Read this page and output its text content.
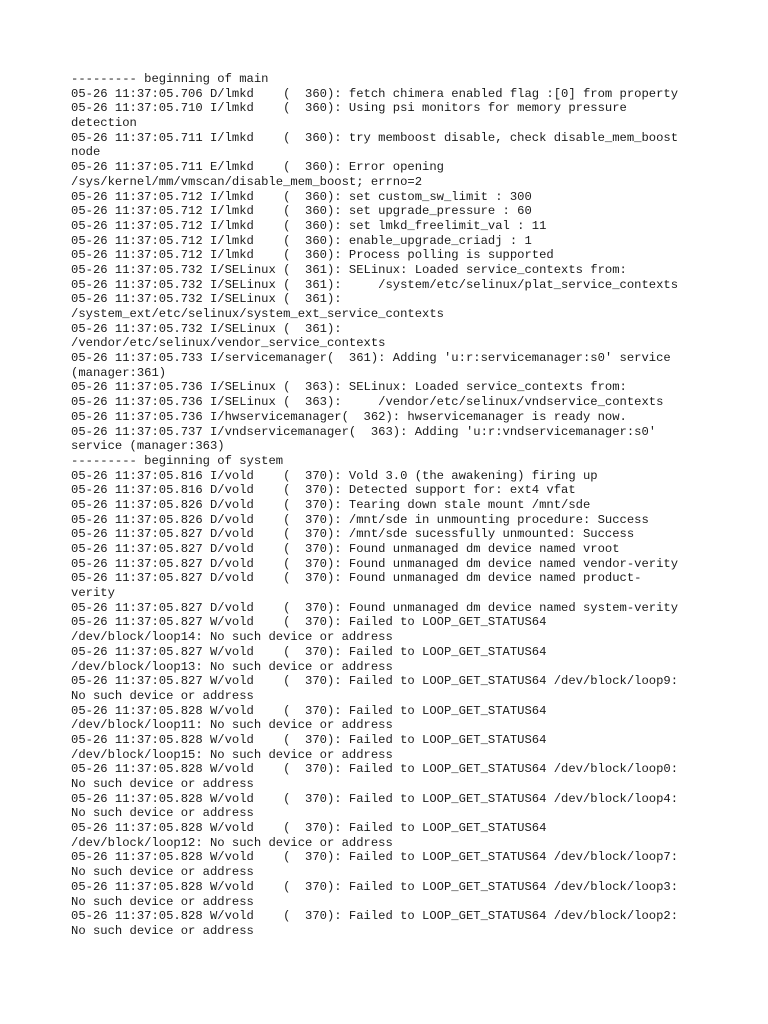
--------- beginning of main

05-26 11:37:05.706 D/lmkd    (  360): fetch chimera enabled flag :[0] from property

05-26 11:37:05.710 I/lmkd    (  360): Using psi monitors for memory pressure

detection

05-26 11:37:05.711 I/lmkd    (  360): try memboost disable, check disable_mem_boost

node

05-26 11:37:05.711 E/lmkd    (  360): Error opening

/sys/kernel/mm/vmscan/disable_mem_boost; errno=2

05-26 11:37:05.712 I/lmkd    (  360): set custom_sw_limit : 300

05-26 11:37:05.712 I/lmkd    (  360): set upgrade_pressure : 60

05-26 11:37:05.712 I/lmkd    (  360): set lmkd_freelimit_val : 11

05-26 11:37:05.712 I/lmkd    (  360): enable_upgrade_criadj : 1

05-26 11:37:05.712 I/lmkd    (  360): Process polling is supported

05-26 11:37:05.732 I/SELinux (  361): SELinux: Loaded service_contexts from:

05-26 11:37:05.732 I/SELinux (  361):     /system/etc/selinux/plat_service_contexts

05-26 11:37:05.732 I/SELinux (  361):

/system_ext/etc/selinux/system_ext_service_contexts

05-26 11:37:05.732 I/SELinux (  361):

/vendor/etc/selinux/vendor_service_contexts

05-26 11:37:05.733 I/servicemanager(  361): Adding 'u:r:servicemanager:s0' service

(manager:361)

05-26 11:37:05.736 I/SELinux (  363): SELinux: Loaded service_contexts from:

05-26 11:37:05.736 I/SELinux (  363):     /vendor/etc/selinux/vndservice_contexts

05-26 11:37:05.736 I/hwservicemanager(  362): hwservicemanager is ready now.

05-26 11:37:05.737 I/vndservicemanager(  363): Adding 'u:r:vndservicemanager:s0'

service (manager:363)

--------- beginning of system

05-26 11:37:05.816 I/vold    (  370): Vold 3.0 (the awakening) firing up

05-26 11:37:05.816 D/vold    (  370): Detected support for: ext4 vfat

05-26 11:37:05.826 D/vold    (  370): Tearing down stale mount /mnt/sde

05-26 11:37:05.826 D/vold    (  370): /mnt/sde in unmounting procedure: Success

05-26 11:37:05.827 D/vold    (  370): /mnt/sde sucessfully unmounted: Success

05-26 11:37:05.827 D/vold    (  370): Found unmanaged dm device named vroot

05-26 11:37:05.827 D/vold    (  370): Found unmanaged dm device named vendor-verity

05-26 11:37:05.827 D/vold    (  370): Found unmanaged dm device named product-

verity

05-26 11:37:05.827 D/vold    (  370): Found unmanaged dm device named system-verity

05-26 11:37:05.827 W/vold    (  370): Failed to LOOP_GET_STATUS64

/dev/block/loop14: No such device or address

05-26 11:37:05.827 W/vold    (  370): Failed to LOOP_GET_STATUS64

/dev/block/loop13: No such device or address

05-26 11:37:05.827 W/vold    (  370): Failed to LOOP_GET_STATUS64 /dev/block/loop9:

No such device or address

05-26 11:37:05.828 W/vold    (  370): Failed to LOOP_GET_STATUS64

/dev/block/loop11: No such device or address

05-26 11:37:05.828 W/vold    (  370): Failed to LOOP_GET_STATUS64

/dev/block/loop15: No such device or address

05-26 11:37:05.828 W/vold    (  370): Failed to LOOP_GET_STATUS64 /dev/block/loop0:

No such device or address

05-26 11:37:05.828 W/vold    (  370): Failed to LOOP_GET_STATUS64 /dev/block/loop4:

No such device or address

05-26 11:37:05.828 W/vold    (  370): Failed to LOOP_GET_STATUS64

/dev/block/loop12: No such device or address

05-26 11:37:05.828 W/vold    (  370): Failed to LOOP_GET_STATUS64 /dev/block/loop7:

No such device or address

05-26 11:37:05.828 W/vold    (  370): Failed to LOOP_GET_STATUS64 /dev/block/loop3:

No such device or address

05-26 11:37:05.828 W/vold    (  370): Failed to LOOP_GET_STATUS64 /dev/block/loop2:

No such device or address
